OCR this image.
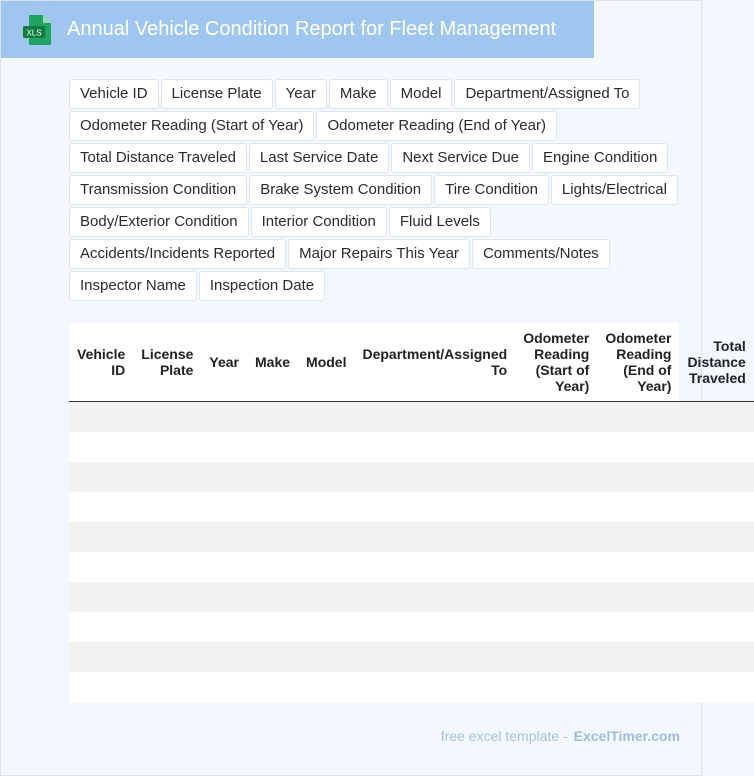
XLS Annual Vehicle Condition Report for Fleet Management
Vehicle ID	License Plate	Year	Make	Model	Department/Assigned To
Odometer Reading (Start of Year)	Odometer Reading (End of Year)
Total Distance Traveled	Last Service Date	Next Service Due	Engine Condition
Transmission Condition	Brake System Condition	Tire Condition	Lights/Electrical
Body/Exterior Condition	Interior Condition	Fluid Levels
Accidents/Incidents Reported	Major Repairs This Year	Comments/Notes
Inspector Name	Inspection Date
Vehicle ID	License Plate	Year	Make	Model	Department/Assigned To	Odometer Reading (Start of Year)	Odometer Reading (End of Year)	Total Distance Traveled

free excel template - ExcelTimer.com
